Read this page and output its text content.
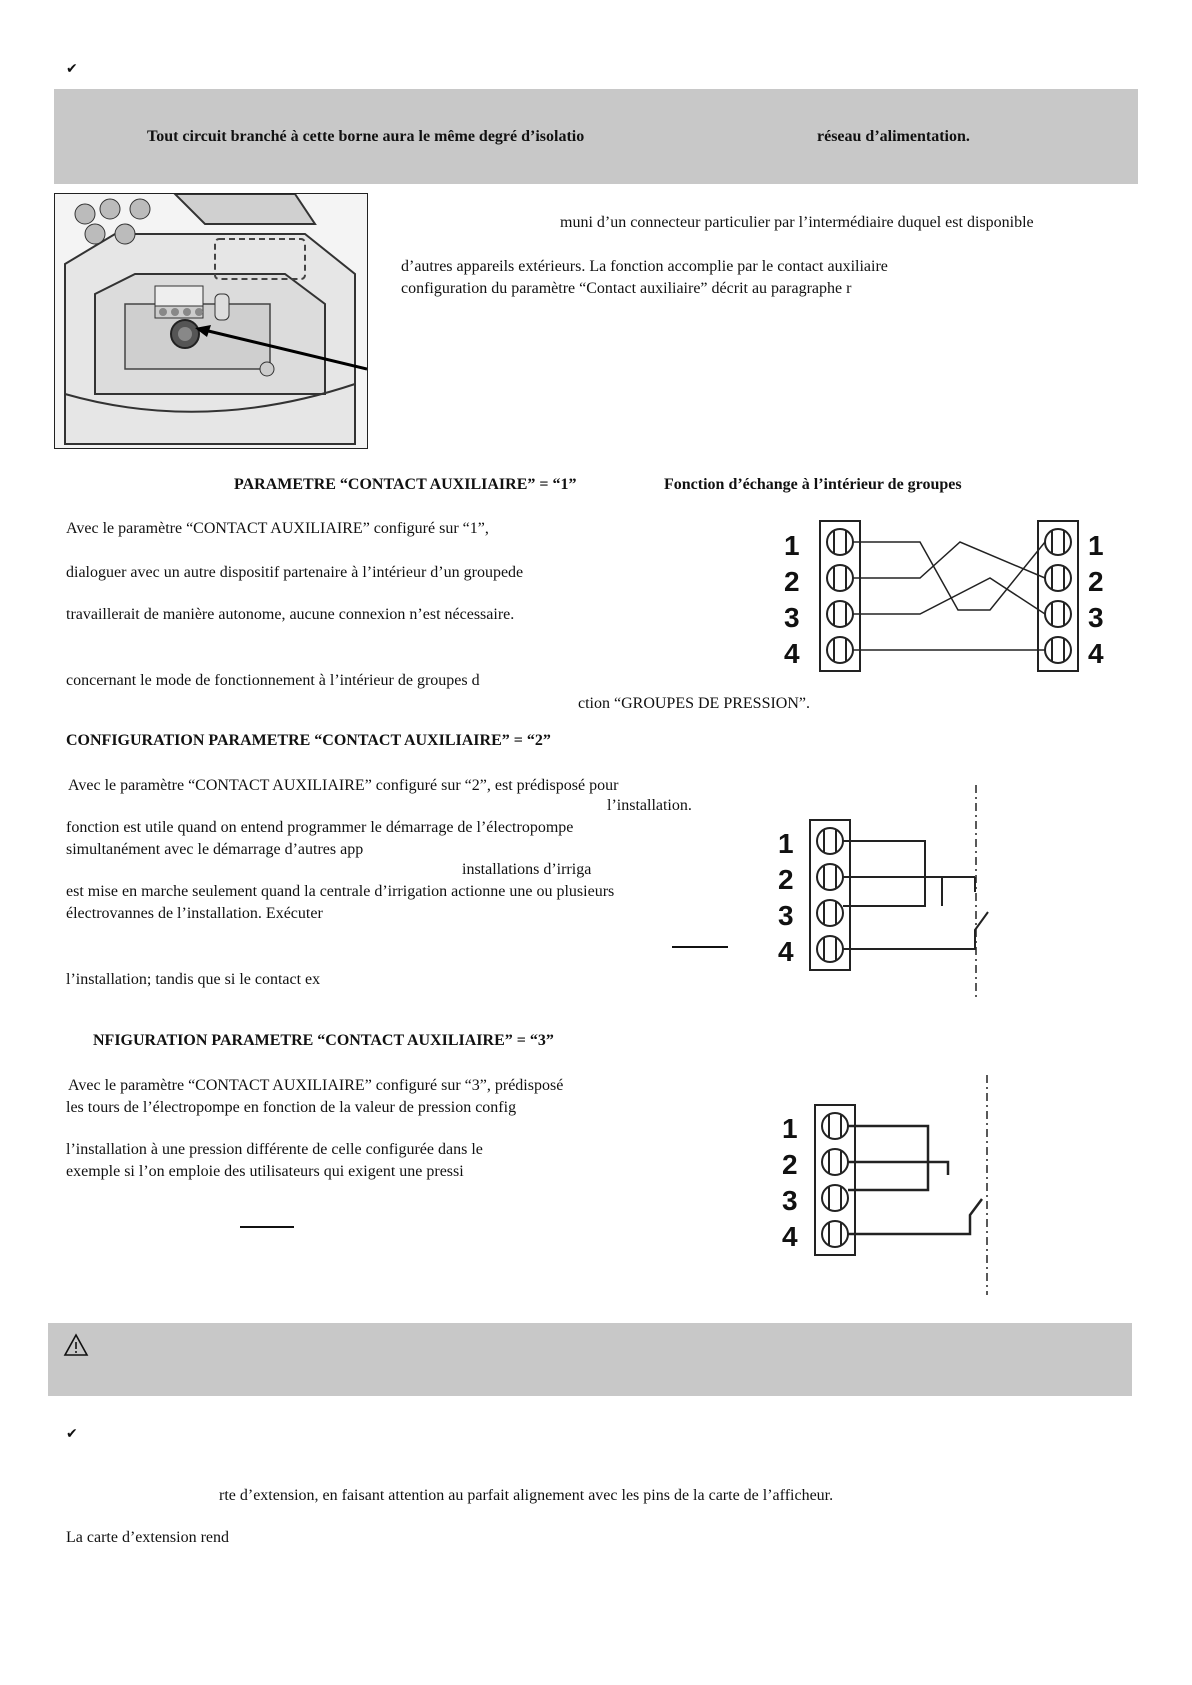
✔
Tout circuit branché à cette borne aura le même degré d’isolatio	réseau d’alimentation.
muni d’un connecteur particulier par l’intermédiaire duquel est disponible
d’autres appareils extérieurs. La fonction accomplie par le contact auxiliaire
configuration du paramètre “Contact auxiliaire” décrit au paragraphe r
PARAMETRE “CONTACT AUXILIAIRE” = “1”	Fonction d’échange à l’intérieur de groupes
Avec le paramètre “CONTACT AUXILIAIRE” configuré sur “1”,
dialoguer avec un autre dispositif partenaire à l’intérieur d’un groupede
travaillerait de manière autonome, aucune connexion n’est nécessaire.
concernant le mode de fonctionnement à l’intérieur de groupes d
ction “GROUPES DE PRESSION”.
1
2
3
4
1
2
3
4
CONFIGURATION PARAMETRE “CONTACT AUXILIAIRE” = “2”
Avec le paramètre “CONTACT AUXILIAIRE” configuré sur “2”, est prédisposé pour
l’installation.
fonction est utile quand on entend programmer le démarrage de l’électropompe
simultanément avec le démarrage d’autres app
installations d’irriga
est mise en marche seulement quand la centrale d’irrigation actionne une ou plusieurs
électrovannes de l’installation. Exécuter
l’installation; tandis que si le contact ex
1
2
3
4
NFIGURATION PARAMETRE “CONTACT AUXILIAIRE” = “3”
Avec le paramètre “CONTACT AUXILIAIRE” configuré sur “3”, prédisposé
les tours de l’électropompe en fonction de la valeur de pression config
l’installation à une pression différente de celle configurée dans le
exemple si l’on emploie des utilisateurs qui exigent une pressi
1
2
3
4
✔
rte d’extension, en faisant attention au parfait alignement avec les pins de la carte de l’afficheur.
La carte d’extension rend
